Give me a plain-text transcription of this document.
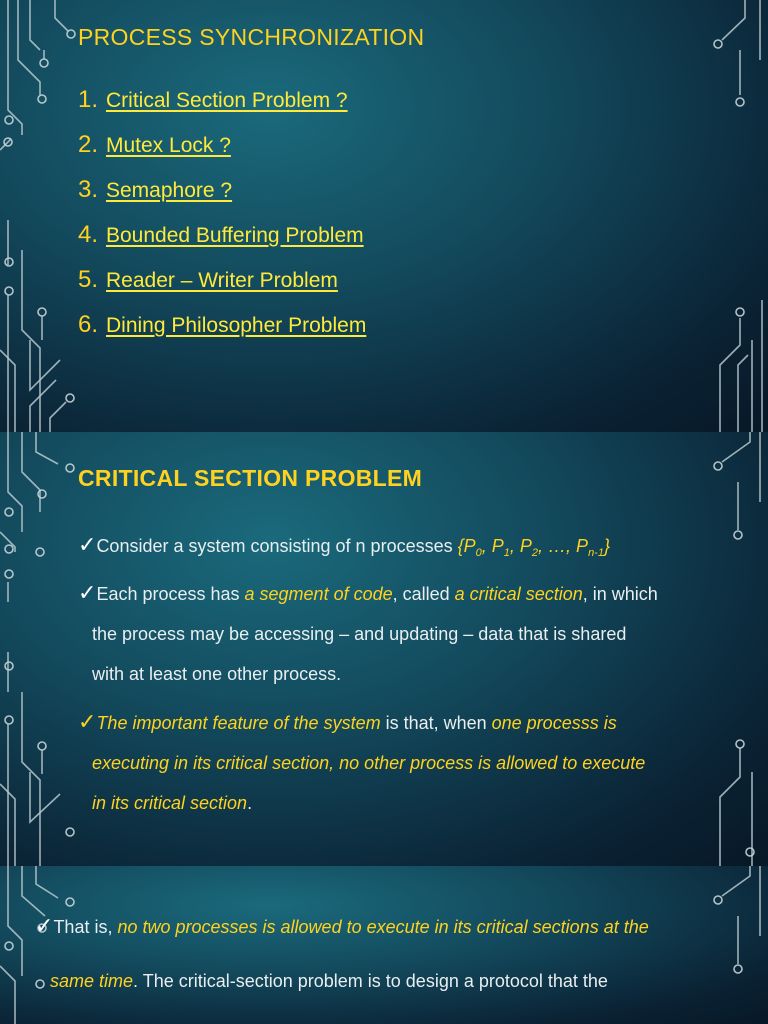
PROCESS SYNCHRONIZATION
1. Critical Section Problem ?
2. Mutex Lock ?
3. Semaphore ?
4. Bounded Buffering Problem
5. Reader – Writer Problem
6. Dining Philosopher Problem
CRITICAL SECTION PROBLEM
✓Consider a system consisting of n processes {$P_0$, $P_1$, $P_2$, …, $P_{n-1}$}
✓Each process has a segment of code, called a critical section, in which
the process may be accessing – and updating – data that is shared
with at least one other process.
✓The important feature of the system is that, when one processs is
executing in its critical section, no other process is allowed to execute
in its critical section.
✓That is, no two processes is allowed to execute in its critical sections at the
same time. The critical-section problem is to design a protocol that the
